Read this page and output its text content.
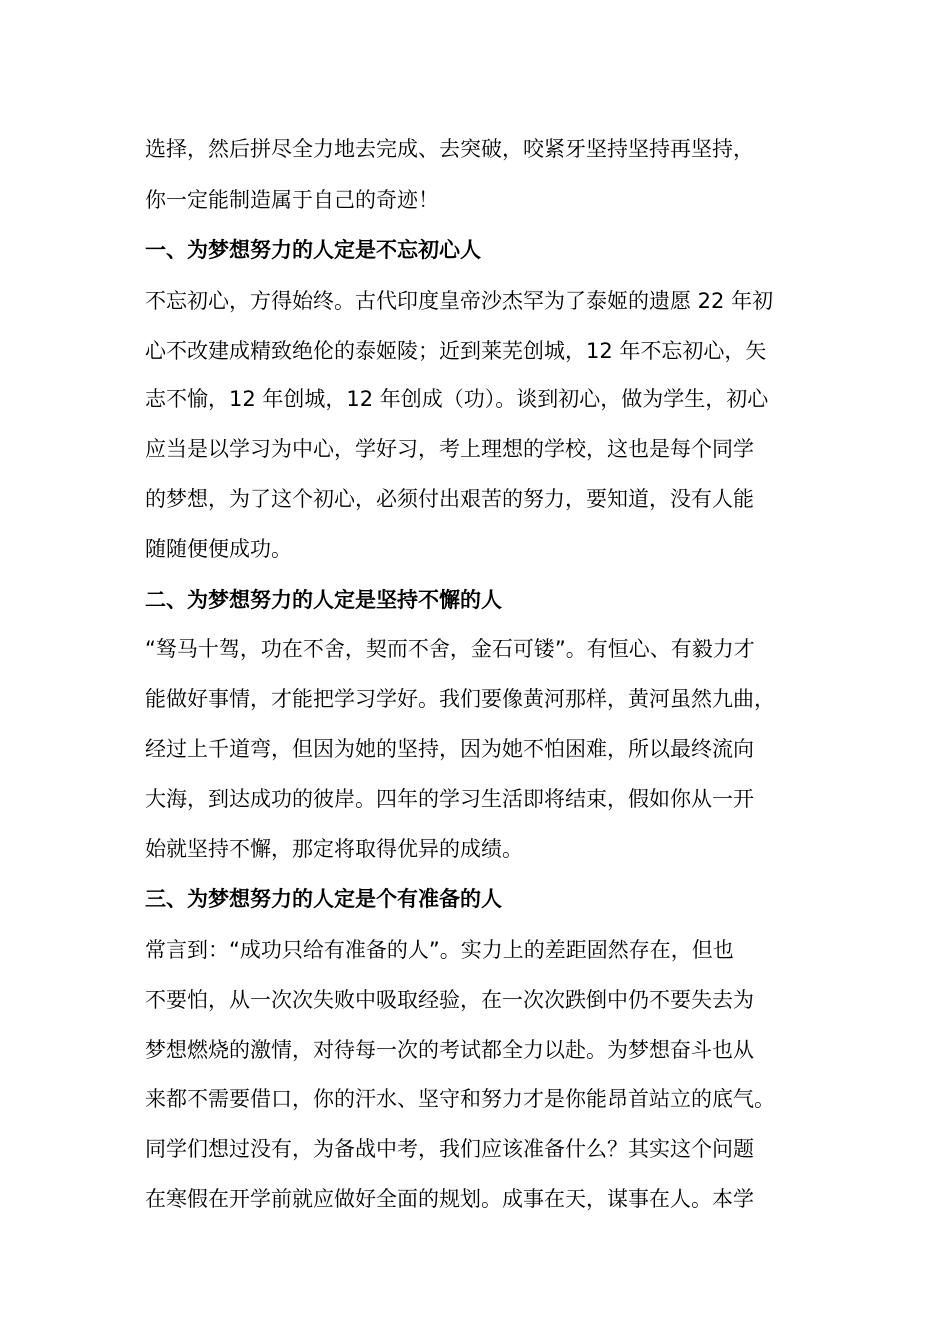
选择，然后拼尽全力地去完成、去突破，咬紧牙坚持坚持再坚持，
你一定能制造属于自己的奇迹！
一、为梦想努力的人定是不忘初心人
不忘初心，方得始终。古代印度皇帝沙杰罕为了泰姬的遗愿 22 年初
心不改建成精致绝伦的泰姬陵；近到莱芜创城，12 年不忘初心，矢
志不愉，12 年创城，12 年创成（功）。谈到初心，做为学生，初心
应当是以学习为中心，学好习，考上理想的学校，这也是每个同学
的梦想，为了这个初心，必须付出艰苦的努力，要知道，没有人能
随随便便成功。
二、为梦想努力的人定是坚持不懈的人
“驽马十驾，功在不舍，契而不舍，金石可镂”。有恒心、有毅力才
能做好事情，才能把学习学好。我们要像黄河那样，黄河虽然九曲，
经过上千道弯，但因为她的坚持，因为她不怕困难，所以最终流向
大海，到达成功的彼岸。四年的学习生活即将结束，假如你从一开
始就坚持不懈，那定将取得优异的成绩。
三、为梦想努力的人定是个有准备的人
常言到：“成功只给有准备的人”。实力上的差距固然存在，但也
不要怕，从一次次失败中吸取经验，在一次次跌倒中仍不要失去为
梦想燃烧的激情，对待每一次的考试都全力以赴。为梦想奋斗也从
来都不需要借口，你的汗水、坚守和努力才是你能昂首站立的底气。
同学们想过没有，为备战中考，我们应该准备什么？其实这个问题
在寒假在开学前就应做好全面的规划。成事在天，谋事在人。本学
